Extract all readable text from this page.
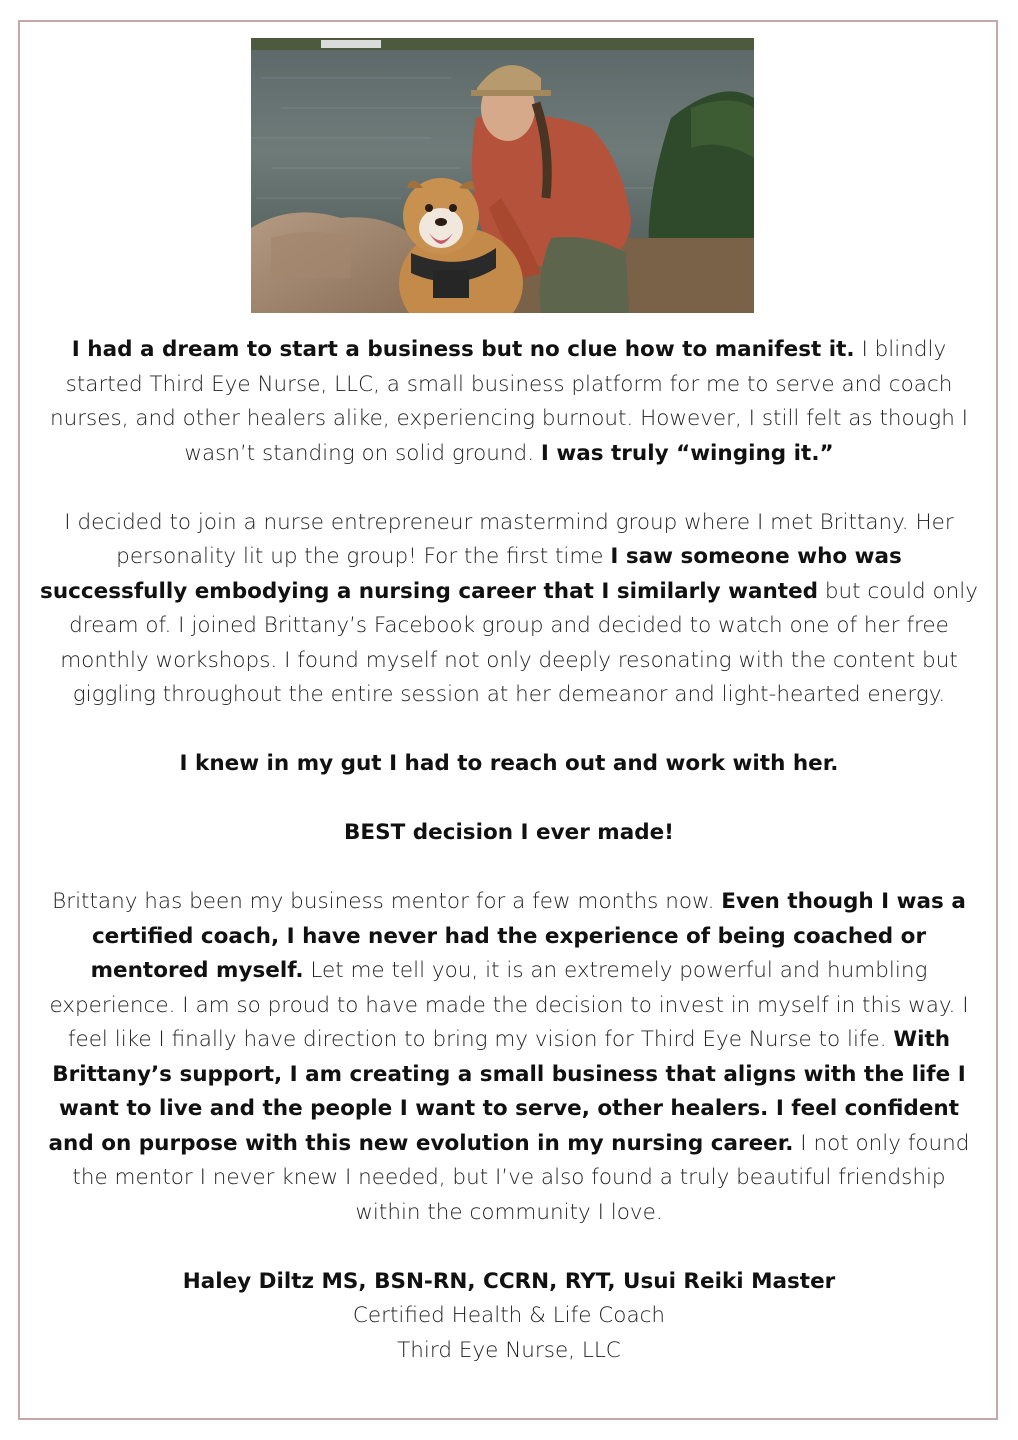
I had a dream to start a business but no clue how to manifest it. I blindly started Third Eye Nurse, LLC, a small business platform for me to serve and coach nurses, and other healers alike, experiencing burnout. However, I still felt as though I wasn’t standing on solid ground. I was truly “winging it.”

I decided to join a nurse entrepreneur mastermind group where I met Brittany. Her personality lit up the group! For the first time I saw someone who was successfully embodying a nursing career that I similarly wanted but could only dream of. I joined Brittany’s Facebook group and decided to watch one of her free monthly workshops. I found myself not only deeply resonating with the content but giggling throughout the entire session at her demeanor and light-hearted energy.

I knew in my gut I had to reach out and work with her.

BEST decision I ever made!

Brittany has been my business mentor for a few months now. Even though I was a certified coach, I have never had the experience of being coached or mentored myself. Let me tell you, it is an extremely powerful and humbling experience. I am so proud to have made the decision to invest in myself in this way. I feel like I finally have direction to bring my vision for Third Eye Nurse to life. With Brittany’s support, I am creating a small business that aligns with the life I want to live and the people I want to serve, other healers. I feel confident and on purpose with this new evolution in my nursing career. I not only found the mentor I never knew I needed, but I’ve also found a truly beautiful friendship within the community I love.

Haley Diltz MS, BSN-RN, CCRN, RYT, Usui Reiki Master

Certified Health & Life Coach

Third Eye Nurse, LLC
